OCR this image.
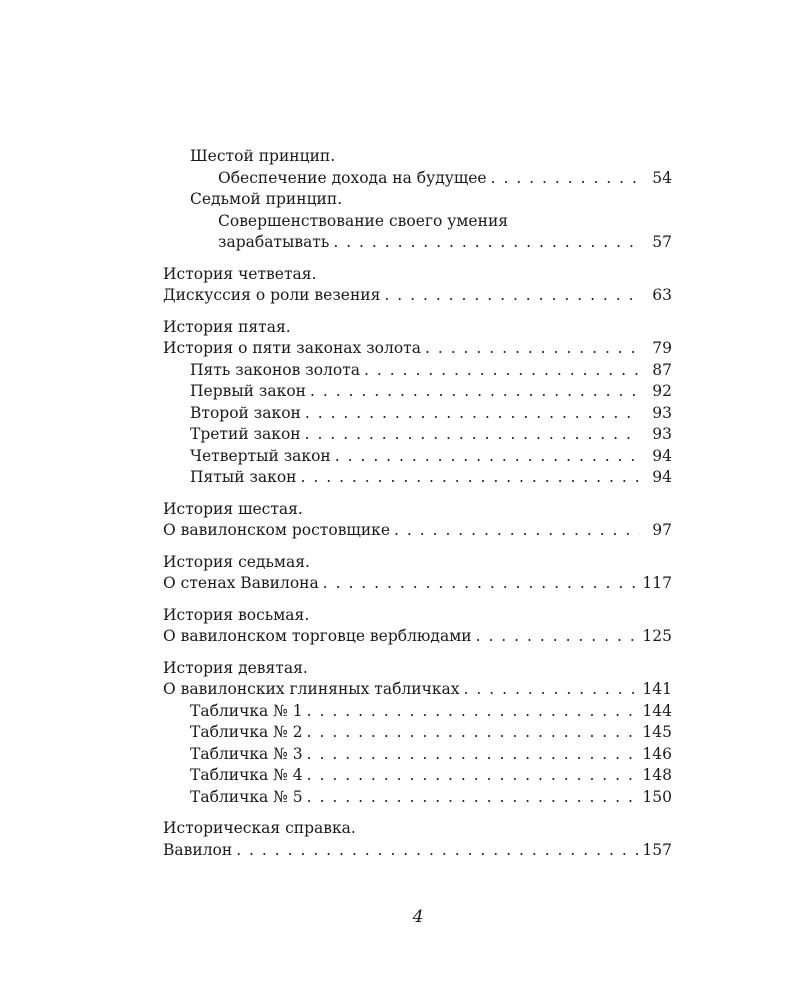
Шестой принцип.
Обеспечение дохода на будущее . . .	54
Седьмой принцип.
Совершенствование своего умения
зарабатывать . . .	57
История четветая.
Дискуссия о роли везения . . .	63
История пятая.
История о пяти законах золота . . .	79
Пять законов золота . . .	87
Первый закон . . .	92
Второй закон . . .	93
Третий закон . . .	93
Четвертый закон . . .	94
Пятый закон . . .	94
История шестая.
О вавилонском ростовщике . . .	97
История седьмая.
О стенах Вавилона . . .	117
История восьмая.
О вавилонском торговце верблюдами . . .	125
История девятая.
О вавилонских глиняных табличках . . .	141
Табличка № 1 . . .	144
Табличка № 2 . . .	145
Табличка № 3 . . .	146
Табличка № 4 . . .	148
Табличка № 5 . . .	150
Историческая справка.
Вавилон . . .	157
4
